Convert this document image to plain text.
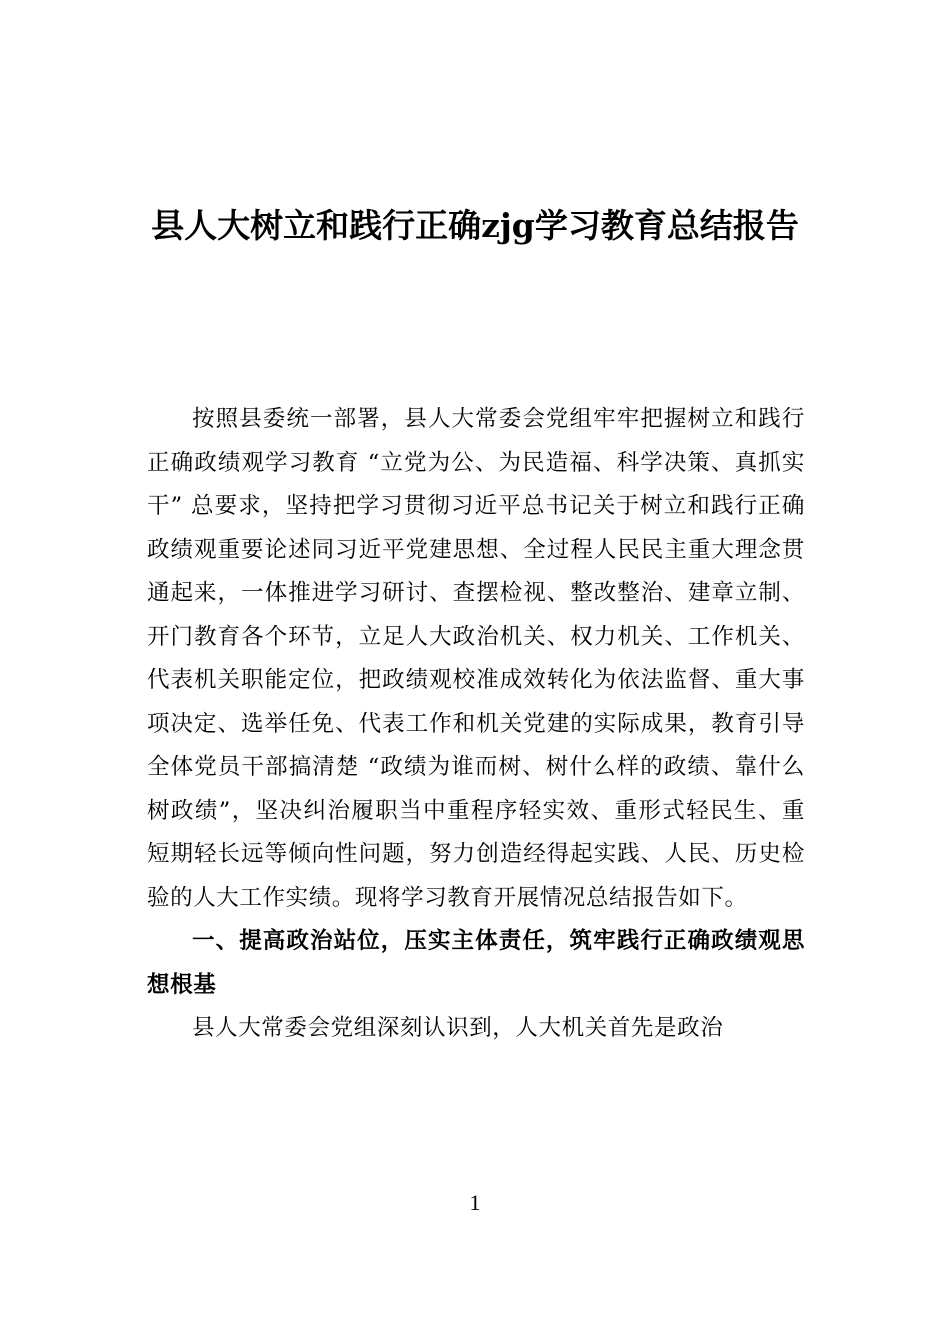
县人大树立和践行正确zjg学习教育总结报告

按照县委统一部署，县人大常委会党组牢牢把握树立和践行正确政绩观学习教育 “立党为公、为民造福、科学决策、真抓实干” 总要求，坚持把学习贯彻习近平总书记关于树立和践行正确政绩观重要论述同习近平党建思想、全过程人民民主重大理念贯通起来，一体推进学习研讨、查摆检视、整改整治、建章立制、开门教育各个环节，立足人大政治机关、权力机关、工作机关、代表机关职能定位，把政绩观校准成效转化为依法监督、重大事项决定、选举任免、代表工作和机关党建的实际成果，教育引导全体党员干部搞清楚 “政绩为谁而树、树什么样的政绩、靠什么树政绩”，坚决纠治履职当中重程序轻实效、重形式轻民生、重短期轻长远等倾向性问题，努力创造经得起实践、人民、历史检验的人大工作实绩。现将学习教育开展情况总结报告如下。

一、提高政治站位，压实主体责任，筑牢践行正确政绩观思想根基

县人大常委会党组深刻认识到，人大机关首先是政治

1
